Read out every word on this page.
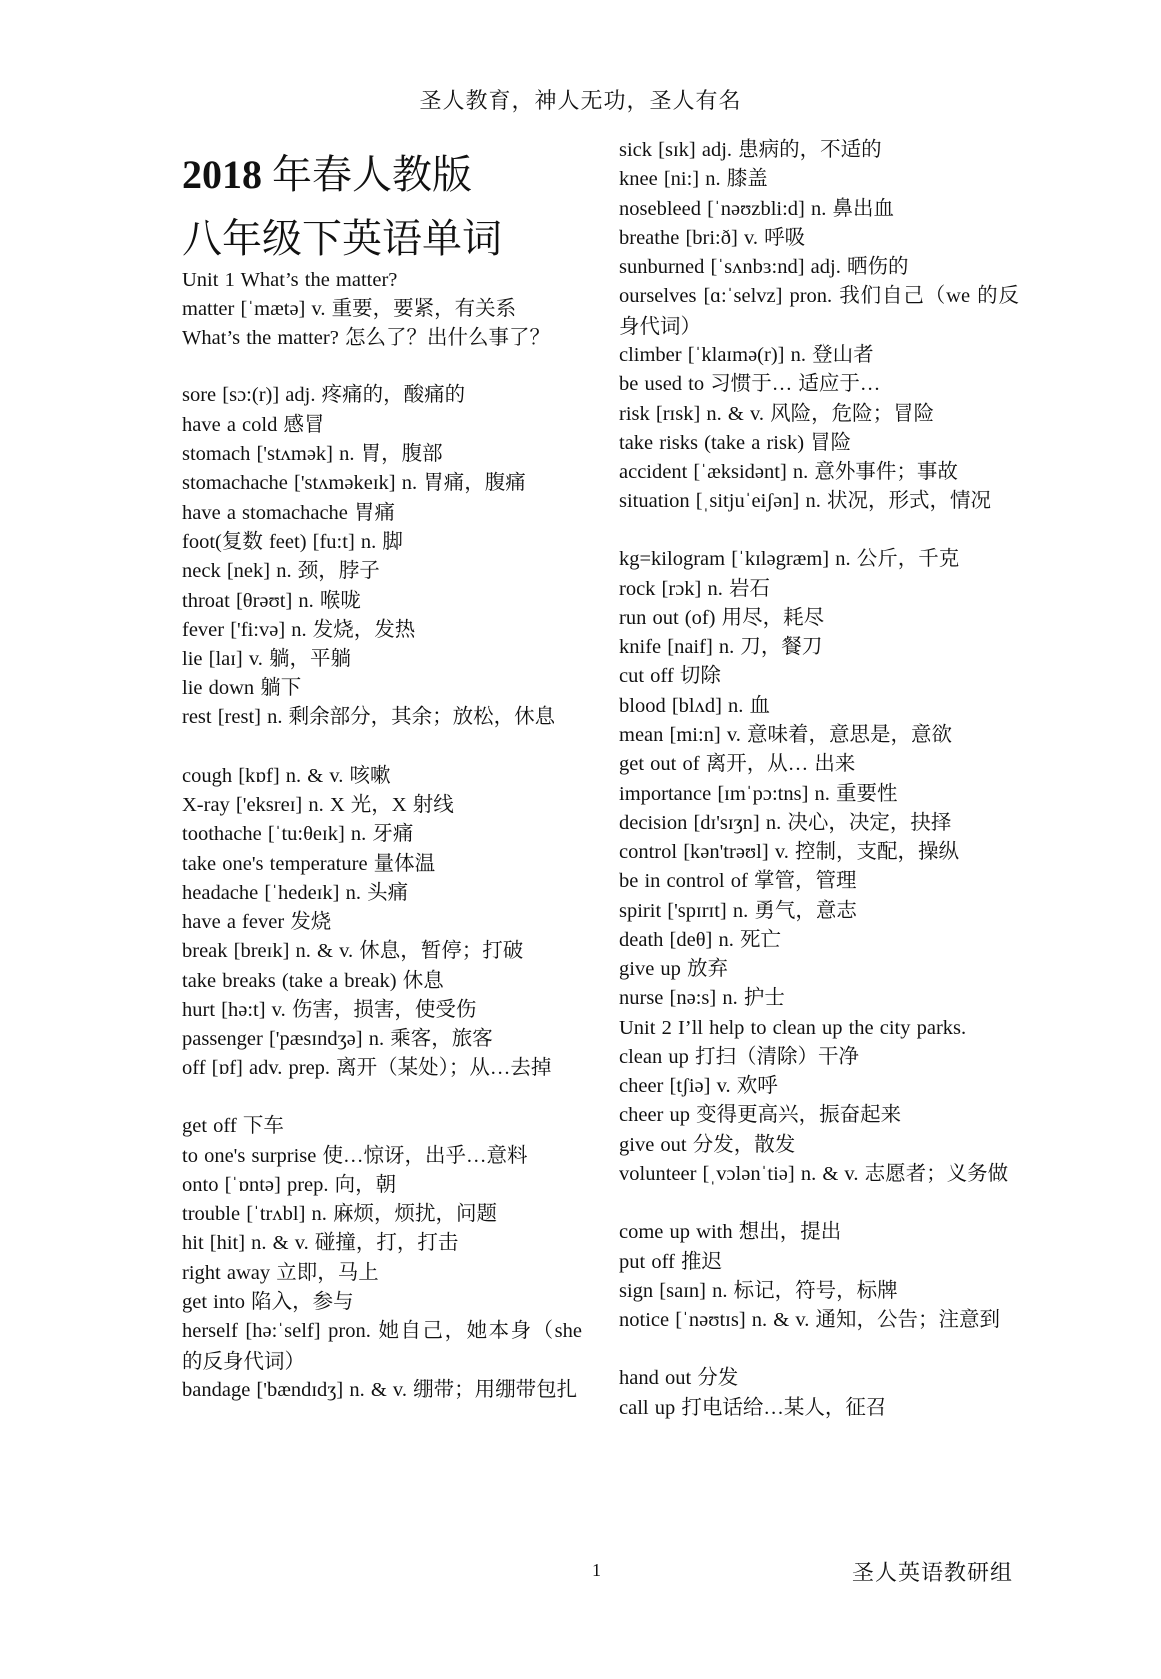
圣人教育，神人无功，圣人有名
2018 年春人教版
八年级下英语单词
Unit 1 What’s the matter?
matter [ˈmætə] v. 重要，要紧，有关系
What’s the matter? 怎么了？出什么事了？
sore [sɔ:(r)] adj. 疼痛的，酸痛的
have a cold 感冒
stomach ['stʌmək] n. 胃，腹部
stomachache ['stʌməkeɪk] n. 胃痛，腹痛
have a stomachache 胃痛
foot(复数 feet) [fu:t] n. 脚
neck [nek] n. 颈，脖子
throat [θrəʊt] n. 喉咙
fever ['fi:və] n. 发烧，发热
lie [laɪ] v. 躺，平躺
lie down 躺下
rest [rest] n. 剩余部分，其余；放松，休息
cough [kɒf] n. & v. 咳嗽
X-ray ['eksreɪ] n. X 光，X 射线
toothache [ˈtu:θeɪk] n. 牙痛
take one's temperature 量体温
headache [ˈhedeɪk] n. 头痛
have a fever 发烧
break [breɪk] n. & v. 休息，暂停；打破
take breaks (take a break) 休息
hurt [hə:t] v. 伤害，损害，使受伤
passenger ['pæsɪndʒə] n. 乘客，旅客
off [ɒf] adv. prep. 离开（某处）；从…去掉
get off 下车
to one's surprise 使…惊讶，出乎…意料
onto [ˈɒntə] prep. 向，朝
trouble [ˈtrʌbl] n. 麻烦，烦扰，问题
hit [hit] n. & v. 碰撞，打，打击
right away 立即，马上
get into 陷入，参与
herself [hə:ˈself] pron. 她自己，她本身（she 的反身代词）
bandage ['bændɪdʒ] n. & v. 绷带；用绷带包扎
sick [sɪk] adj. 患病的，不适的
knee [ni:] n. 膝盖
nosebleed [ˈnəʊzbli:d] n. 鼻出血
breathe [bri:ð] v. 呼吸
sunburned [ˈsʌnbɜ:nd] adj. 晒伤的
ourselves [ɑ:ˈselvz] pron. 我们自己（we 的反身代词）
climber [ˈklaɪmə(r)] n. 登山者
be used to 习惯于… 适应于…
risk [rɪsk] n. & v. 风险，危险；冒险
take risks (take a risk) 冒险
accident [ˈæksidənt] n. 意外事件；事故
situation [ˌsitjuˈeiʃən] n. 状况，形式，情况
kg=kilogram [ˈkɪləgræm] n. 公斤，千克
rock [rɔk] n. 岩石
run out (of) 用尽，耗尽
knife [naif] n. 刀，餐刀
cut off 切除
blood [blʌd] n. 血
mean [mi:n] v. 意味着，意思是，意欲
get out of 离开，从… 出来
importance [ɪmˈpɔ:tns] n. 重要性
decision [dɪ'sɪʒn] n. 决心，决定，抉择
control [kən'trəʊl] v. 控制，支配，操纵
be in control of 掌管，管理
spirit ['spɪrɪt] n. 勇气，意志
death [deθ] n. 死亡
give up 放弃
nurse [nə:s] n. 护士
Unit 2 I’ll help to clean up the city parks.
clean up 打扫（清除）干净
cheer [tʃiə] v. 欢呼
cheer up 变得更高兴，振奋起来
give out 分发，散发
volunteer [ˌvɔlənˈtiə] n. & v. 志愿者；义务做
come up with 想出，提出
put off 推迟
sign [saɪn] n. 标记，符号，标牌
notice [ˈnəʊtɪs] n. & v. 通知，公告；注意到
hand out 分发
call up 打电话给…某人，征召
1	圣人英语教研组
